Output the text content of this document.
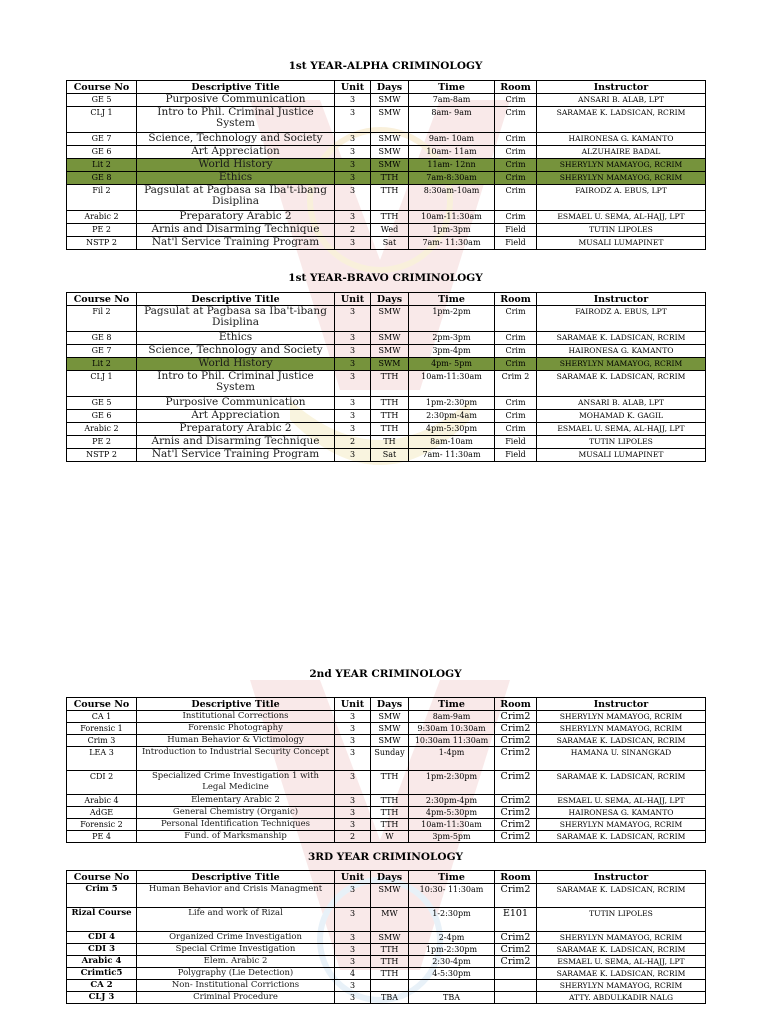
1st YEAR-ALPHA CRIMINOLOGY
Course No	Descriptive Title	Unit	Days	Time	Room	Instructor
GE 5	Purposive Communication	3	SMW	7am-8am	Crim	ANSARI B. ALAB, LPT
CLJ 1	Intro to Phil. Criminal Justice System	3	SMW	8am- 9am	Crim	SARAMAE K. LADSICAN, RCRIM
GE 7	Science, Technology and Society	3	SMW	9am- 10am	Crim	HAIRONESA G. KAMANTO
GE 6	Art Appreciation	3	SMW	10am- 11am	Crim	ALZUHAIRE BADAL
Lit 2	World History	3	SMW	11am- 12nn	Crim	SHERYLYN MAMAYOG, RCRIM
GE 8	Ethics	3	TTH	7am-8:30am	Crim	SHERYLYN MAMAYOG, RCRIM
Fil 2	Pagsulat at Pagbasa sa Iba't-ibang Disiplina	3	TTH	8:30am-10am	Crim	FAIRODZ A. EBUS, LPT
Arabic 2	Preparatory Arabic 2	3	TTH	10am-11:30am	Crim	ESMAEL U. SEMA, AL-HAJJ, LPT
PE 2	Arnis and Disarming Technique	2	Wed	1pm-3pm	Field	TUTIN LIPOLES
NSTP 2	Nat'l Service Training Program	3	Sat	7am- 11:30am	Field	MUSALI LUMAPINET
1st YEAR-BRAVO CRIMINOLOGY
Course No	Descriptive Title	Unit	Days	Time	Room	Instructor
Fil 2	Pagsulat at Pagbasa sa Iba't-ibang Disiplina	3	SMW	1pm-2pm	Crim	FAIRODZ A. EBUS, LPT
GE 8	Ethics	3	SMW	2pm-3pm	Crim	SARAMAE K. LADSICAN, RCRIM
GE 7	Science, Technology and Society	3	SMW	3pm-4pm	Crim	HAIRONESA G. KAMANTO
Lit 2	World History	3	SWM	4pm- 5pm	Crim	SHERYLYN MAMAYOG, RCRIM
CLJ 1	Intro to Phil. Criminal Justice System	3	TTH	10am-11:30am	Crim 2	SARAMAE K. LADSICAN, RCRIM
GE 5	Purposive Communication	3	TTH	1pm-2:30pm	Crim	ANSARI B. ALAB, LPT
GE 6	Art Appreciation	3	TTH	2:30pm-4am	Crim	MOHAMAD K. GAGIL
Arabic 2	Preparatory Arabic 2	3	TTH	4pm-5:30pm	Crim	ESMAEL U. SEMA, AL-HAJJ, LPT
PE 2	Arnis and Disarming Technique	2	TH	8am-10am	Field	TUTIN LIPOLES
NSTP 2	Nat'l Service Training Program	3	Sat	7am- 11:30am	Field	MUSALI LUMAPINET
2nd YEAR CRIMINOLOGY
Course No	Descriptive Title	Unit	Days	Time	Room	Instructor
CA 1	Institutional Corrections	3	SMW	8am-9am	Crim2	SHERYLYN MAMAYOG, RCRIM
Forensic 1	Forensic Photography	3	SMW	9:30am 10:30am	Crim2	SHERYLYN MAMAYOG, RCRIM
Crim 3	Human Behavior & Victimology	3	SMW	10:30am 11:30am	Crim2	SARAMAE K. LADSICAN, RCRIM
LEA 3	Introduction to Industrial Security Concept	3	Sunday	1-4pm	Crim2	HAMANA U. SINANGKAD
CDI 2	Specialized Crime Investigation 1 with Legal Medicine	3	TTH	1pm-2:30pm	Crim2	SARAMAE K. LADSICAN, RCRIM
Arabic 4	Elementary Arabic 2	3	TTH	2:30pm-4pm	Crim2	ESMAEL U. SEMA, AL-HAJJ, LPT
AdGE	General Chemistry (Organic)	3	TTH	4pm-5:30pm	Crim2	HAIRONESA G. KAMANTO
Forensic 2	Personal Identification Techniques	3	TTH	10am-11:30am	Crim2	SHERYLYN MAMAYOG, RCRIM
PE 4	Fund. of Marksmanship	2	W	3pm-5pm	Crim2	SARAMAE K. LADSICAN, RCRIM
3RD YEAR CRIMINOLOGY
Course No	Descriptive Title	Unit	Days	Time	Room	Instructor
Crim 5	Human Behavior and Crisis Managment	3	SMW	10:30- 11:30am	Crim2	SARAMAE K. LADSICAN, RCRIM
Rizal Course	Life and work of Rizal	3	MW	1-2:30pm	E101	TUTIN LIPOLES
CDI 4	Organized Crime Investigation	3	SMW	2-4pm	Crim2	SHERYLYN MAMAYOG, RCRIM
CDI 3	Special Crime Investigation	3	TTH	1pm-2:30pm	Crim2	SARAMAE K. LADSICAN, RCRIM
Arabic 4	Elem. Arabic 2	3	TTH	2:30-4pm	Crim2	ESMAEL U. SEMA, AL-HAJJ, LPT
Crimtic5	Polygraphy (Lie Detection)	4	TTH	4-5:30pm		SARAMAE K. LADSICAN, RCRIM
CA 2	Non- Institutional Corrictions	3				SHERYLYN MAMAYOG, RCRIM
CLJ 3	Criminal Procedure	3	TBA	TBA		ATTY. ABDULKADIR NALG
